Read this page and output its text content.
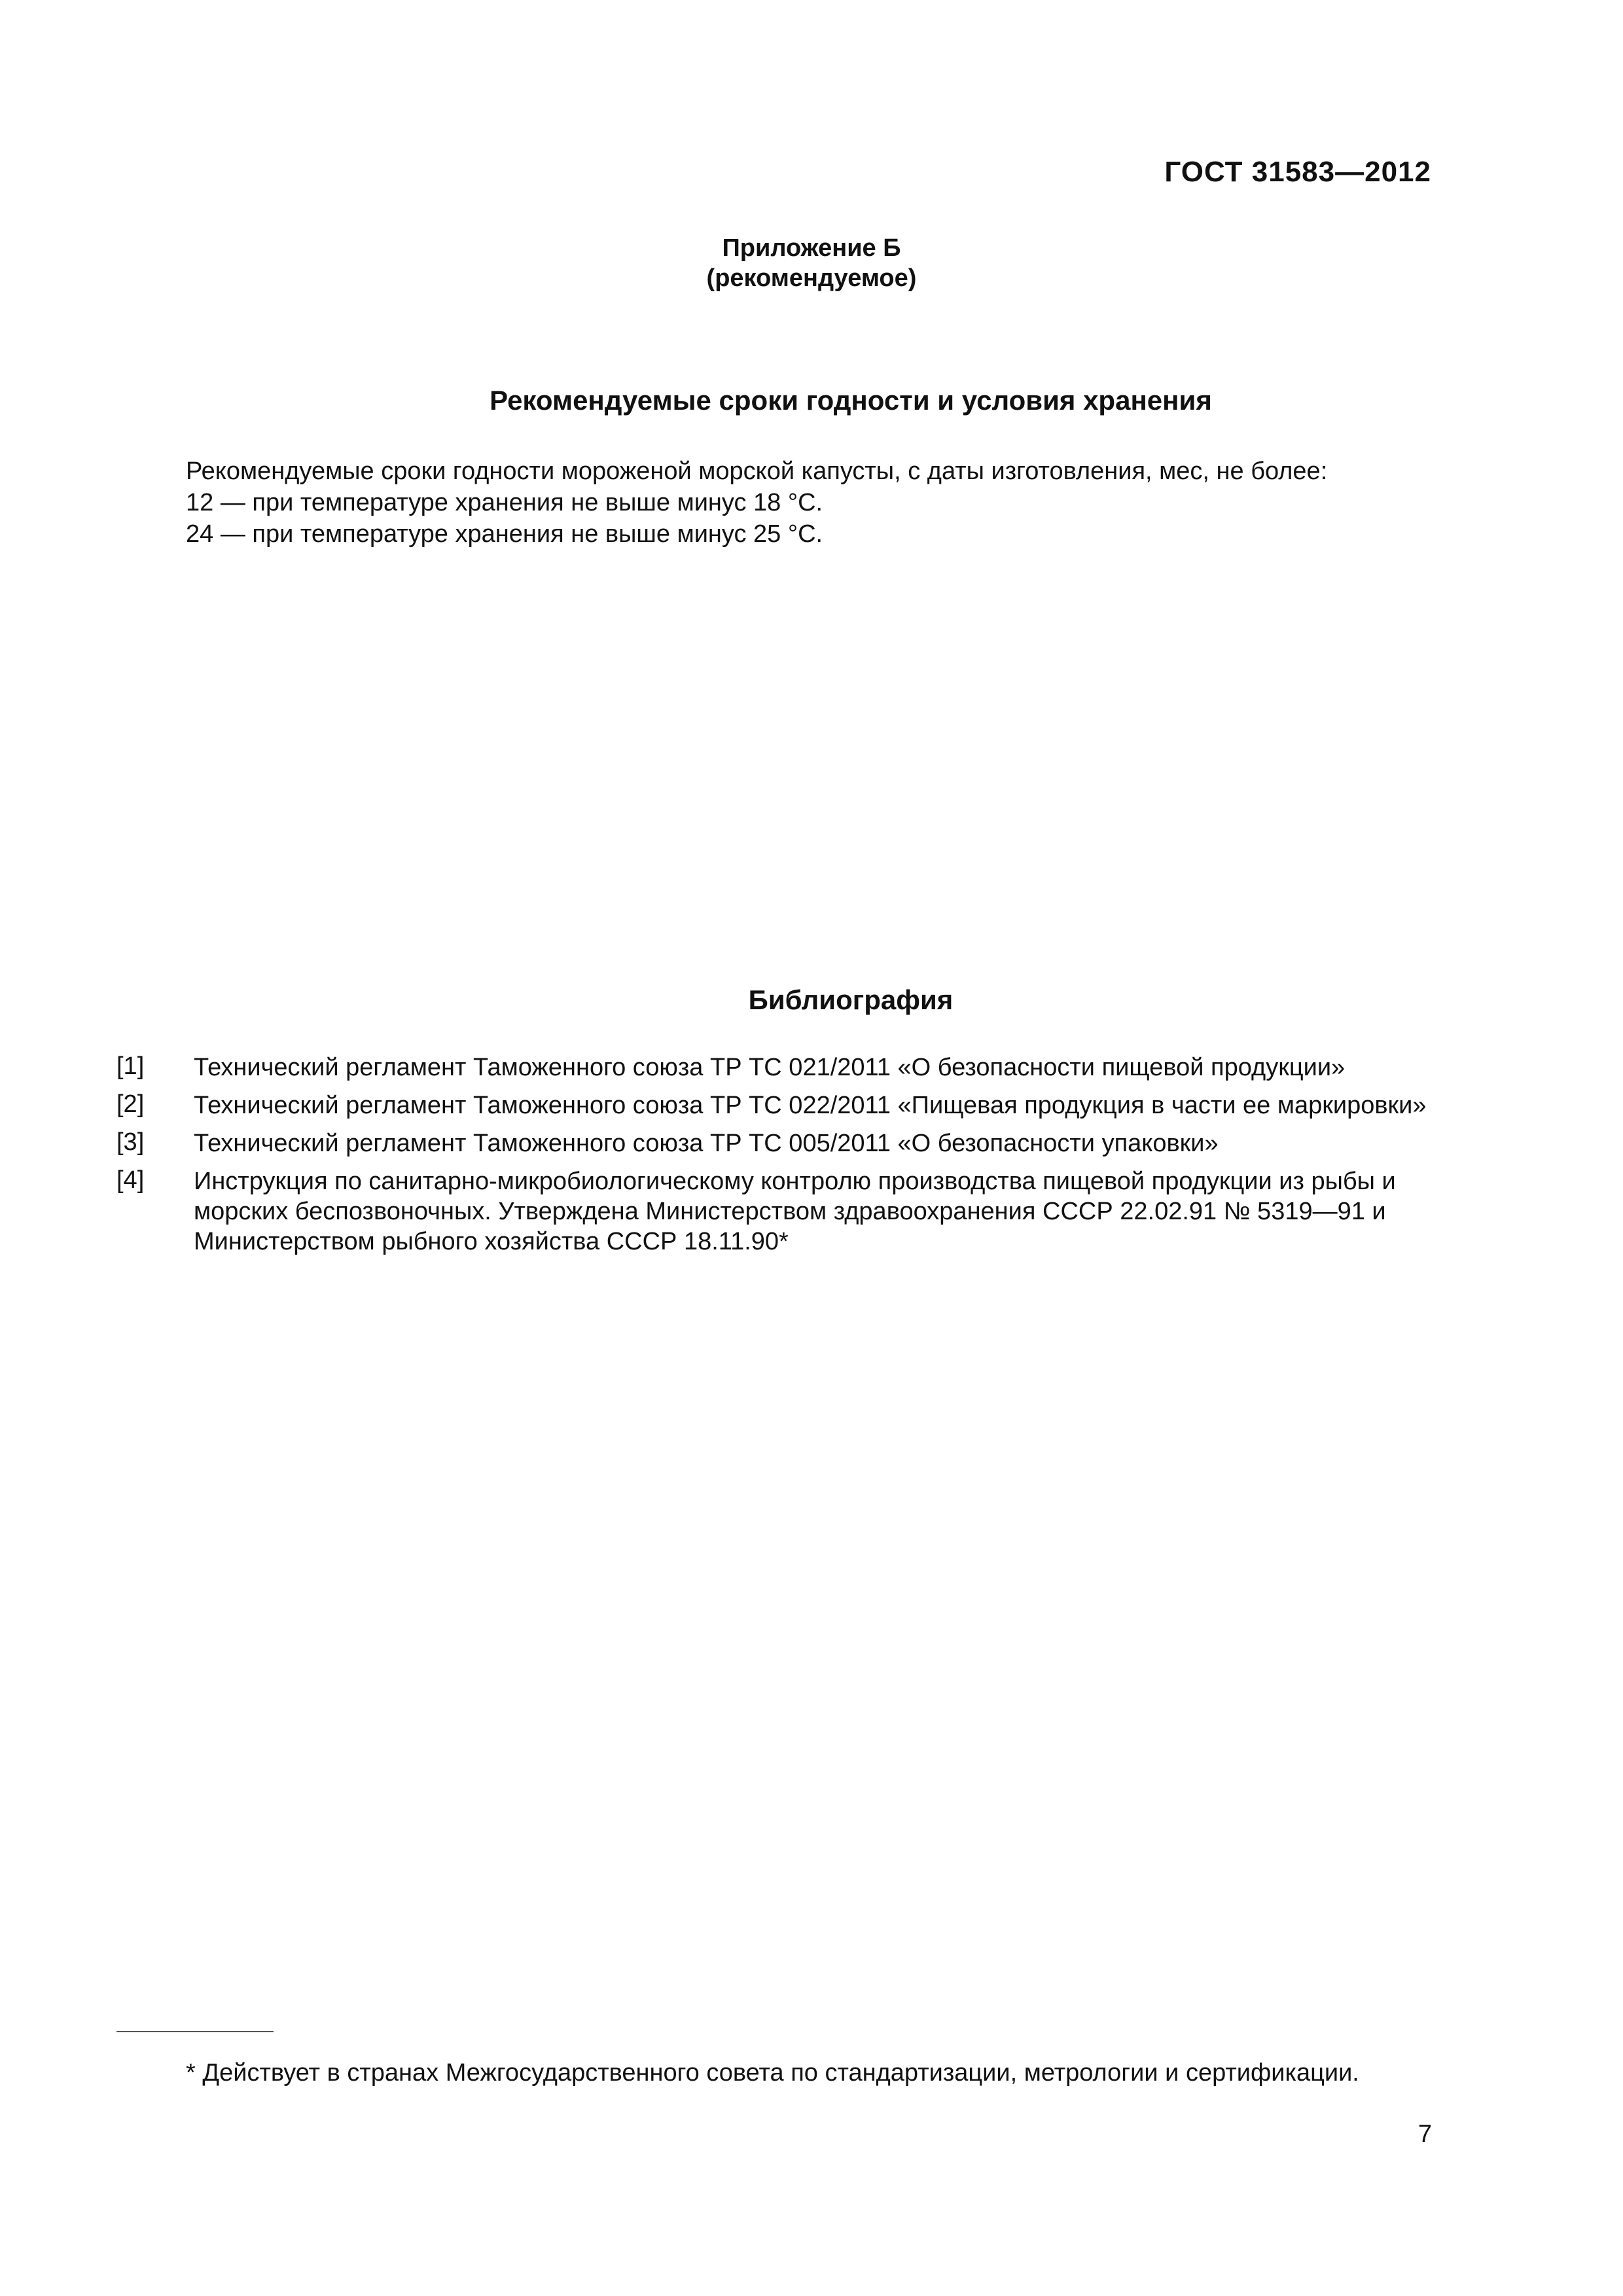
ГОСТ 31583—2012
Приложение Б
(рекомендуемое)
Рекомендуемые сроки годности и условия хранения
Рекомендуемые сроки годности мороженой морской капусты, с даты изготовления, мес, не более:
12 — при температуре хранения не выше минус 18 °С.
24 — при температуре хранения не выше минус 25 °С.
Библиография
[1] Технический регламент Таможенного союза ТР ТС 021/2011 «О безопасности пищевой продукции»
[2] Технический регламент Таможенного союза ТР ТС 022/2011 «Пищевая продукция в части ее маркировки»
[3] Технический регламент Таможенного союза ТР ТС 005/2011 «О безопасности упаковки»
[4] Инструкция по санитарно-микробиологическому контролю производства пищевой продукции из рыбы и морских беспозвоночных. Утверждена Министерством здравоохранения СССР 22.02.91 № 5319—91 и Министерством рыбного хозяйства СССР 18.11.90*
* Действует в странах Межгосударственного совета по стандартизации, метрологии и сертификации.
7
